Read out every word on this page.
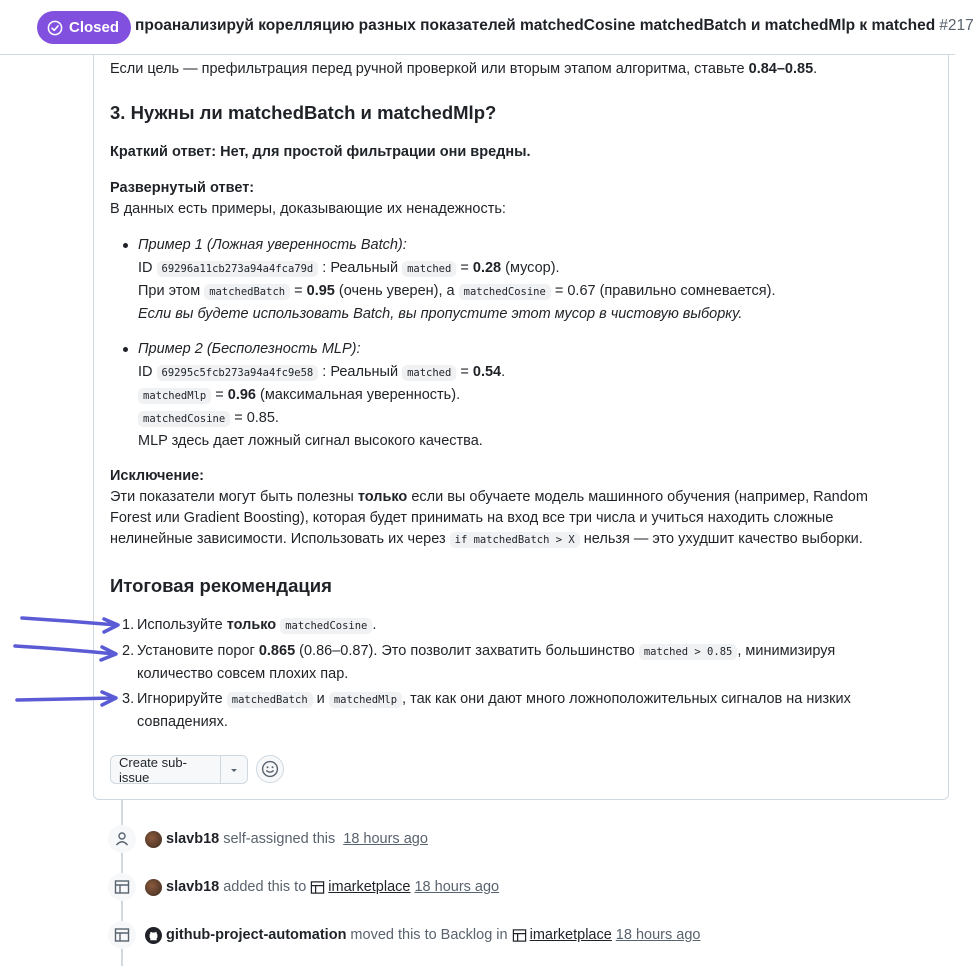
Closed проанализируй корелляцию разных показателей matchedCosine matchedBatch и matchedMlp к matched #217
Если цель — префильтрация перед ручной проверкой или вторым этапом алгоритма, ставьте 0.84–0.85.
3. Нужны ли matchedBatch и matchedMlp?
Краткий ответ: Нет, для простой фильтрации они вредны.
Развернутый ответ:
В данных есть примеры, доказывающие их ненадежность:
Пример 1 (Ложная уверенность Batch):
ID 69296a11cb273a94a4fca79d : Реальный matched = 0.28 (мусор).
При этом matchedBatch = 0.95 (очень уверен), а matchedCosine = 0.67 (правильно сомневается).
Если вы будете использовать Batch, вы пропустите этот мусор в чистовую выборку.
Пример 2 (Бесполезность MLP):
ID 69295c5fcb273a94a4fc9e58 : Реальный matched = 0.54.
matchedMlp = 0.96 (максимальная уверенность).
matchedCosine = 0.85.
MLP здесь дает ложный сигнал высокого качества.
Исключение:
Эти показатели могут быть полезны только если вы обучаете модель машинного обучения (например, Random
Forest или Gradient Boosting), которая будет принимать на вход все три числа и учиться находить сложные
нелинейные зависимости. Использовать их через if matchedBatch > X нельзя — это ухудшит качество выборки.
Итоговая рекомендация
1. Используйте только matchedCosine .
2. Установите порог 0.865 (0.86–0.87). Это позволит захватить большинство matched > 0.85 , минимизируя
количество совсем плохих пар.
3. Игнорируйте matchedBatch и matchedMlp , так как они дают много ложноположительных сигналов на низких
совпадениях.
Create sub-issue
slavb18 self-assigned this 18 hours ago
slavb18 added this to imarketplace 18 hours ago
github-project-automation moved this to Backlog in imarketplace 18 hours ago
